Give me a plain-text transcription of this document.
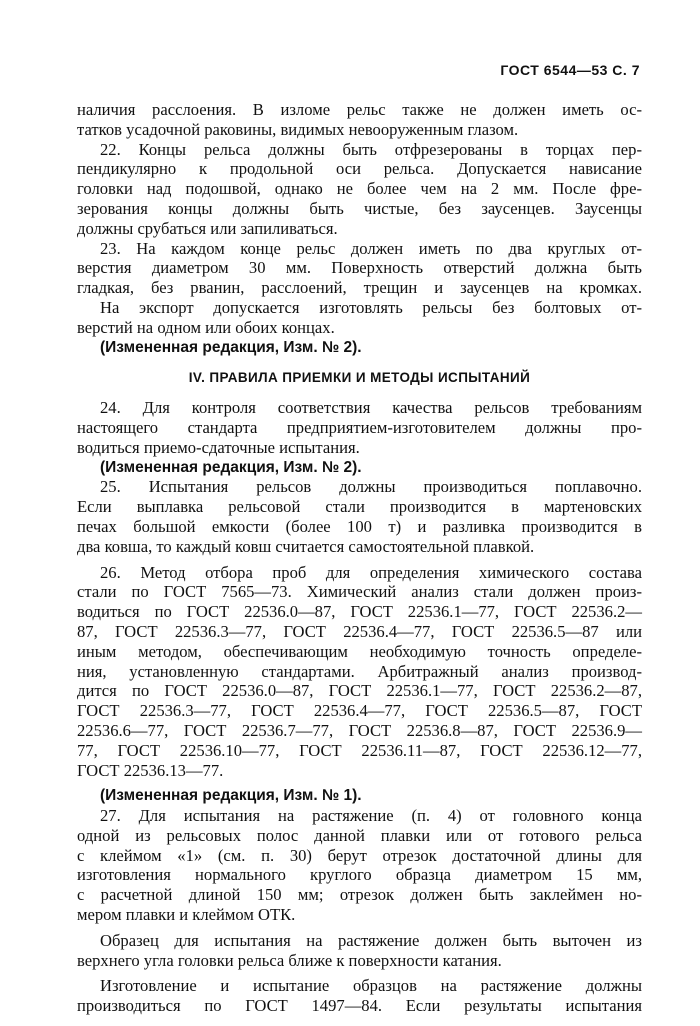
ГОСТ 6544—53 С. 7

наличия расслоения. В изломе рельс также не должен иметь ос-

татков усадочной раковины, видимых невооруженным глазом.

22. Концы рельса должны быть отфрезерованы в торцах пер-

пендикулярно к продольной оси рельса. Допускается нависание

головки над подошвой, однако не более чем на 2 мм. После фре-

зерования концы должны быть чистые, без заусенцев. Заусенцы

должны срубаться или запиливаться.

23. На каждом конце рельс должен иметь по два круглых от-

верстия диаметром 30 мм. Поверхность отверстий должна быть

гладкая, без рванин, расслоений, трещин и заусенцев на кромках.

На экспорт допускается изготовлять рельсы без болтовых от-

верстий на одном или обоих концах.

(Измененная редакция, Изм. № 2).

IV. ПРАВИЛА ПРИЕМКИ И МЕТОДЫ ИСПЫТАНИЙ

24. Для контроля соответствия качества рельсов требованиям

настоящего стандарта предприятием-изготовителем должны про-

водиться приемо-сдаточные испытания.

(Измененная редакция, Изм. № 2).

25. Испытания рельсов должны производиться поплавочно.

Если выплавка рельсовой стали производится в мартеновских

печах большой емкости (более 100 т) и разливка производится в

два ковша, то каждый ковш считается самостоятельной плавкой.

26. Метод отбора проб для определения химического состава

стали по ГОСТ 7565—73. Химический анализ стали должен произ-

водиться по ГОСТ 22536.0—87, ГОСТ 22536.1—77, ГОСТ 22536.2—

87, ГОСТ 22536.3—77, ГОСТ 22536.4—77, ГОСТ 22536.5—87 или

иным методом, обеспечивающим необходимую точность определе-

ния, установленную стандартами. Арбитражный анализ производ-

дится по ГОСТ 22536.0—87, ГОСТ 22536.1—77, ГОСТ 22536.2—87,

ГОСТ 22536.3—77, ГОСТ 22536.4—77, ГОСТ 22536.5—87, ГОСТ

22536.6—77, ГОСТ 22536.7—77, ГОСТ 22536.8—87, ГОСТ 22536.9—

77, ГОСТ 22536.10—77, ГОСТ 22536.11—87, ГОСТ 22536.12—77,

ГОСТ 22536.13—77.

(Измененная редакция, Изм. № 1).

27. Для испытания на растяжение (п. 4) от головного конца

одной из рельсовых полос данной плавки или от готового рельса

с клеймом «1» (см. п. 30) берут отрезок достаточной длины для

изготовления нормального круглого образца диаметром 15 мм,

с расчетной длиной 150 мм; отрезок должен быть заклеймен но-

мером плавки и клеймом ОТК.

Образец для испытания на растяжение должен быть выточен из

верхнего угла головки рельса ближе к поверхности катания.

Изготовление и испытание образцов на растяжение должны

производиться по ГОСТ 1497—84. Если результаты испытания
